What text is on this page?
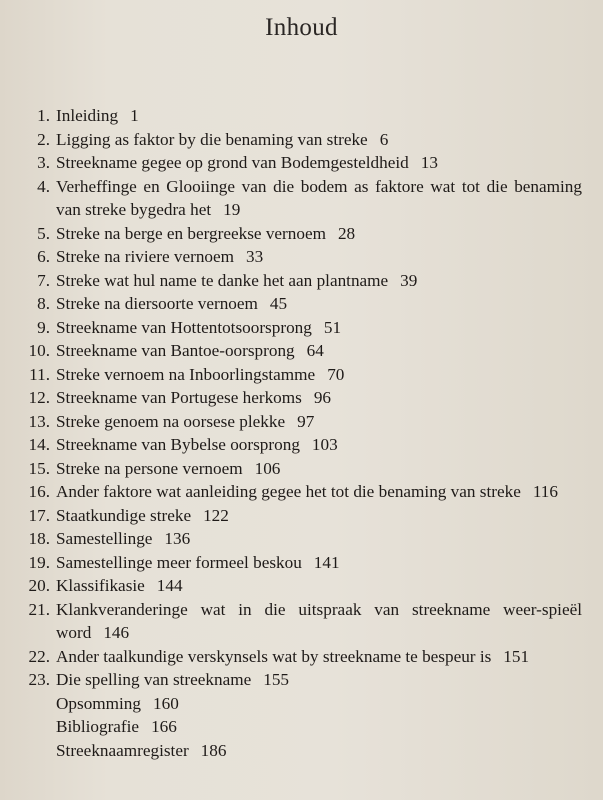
Inhoud
1. Inleiding 1
2. Ligging as faktor by die benaming van streke 6
3. Streekname gegee op grond van Bodemgesteldheid 13
4. Verheffinge en Glooiinge van die bodem as faktore wat tot die benaming van streke bygedra het 19
5. Streke na berge en bergreekse vernoem 28
6. Streke na riviere vernoem 33
7. Streke wat hul name te danke het aan plantname 39
8. Streke na diersoorte vernoem 45
9. Streekname van Hottentotsoorsprong 51
10. Streekname van Bantoe-oorsprong 64
11. Streke vernoem na Inboorlingstamme 70
12. Streekname van Portugese herkoms 96
13. Streke genoem na oorsese plekke 97
14. Streekname van Bybelse oorsprong 103
15. Streke na persone vernoem 106
16. Ander faktore wat aanleiding gegee het tot die benaming van streke 116
17. Staatkundige streke 122
18. Samestellinge 136
19. Samestellinge meer formeel beskou 141
20. Klassifikasie 144
21. Klankveranderinge wat in die uitspraak van streekname weer-spieël word 146
22. Ander taalkundige verskynsels wat by streekname te bespeur is 151
23. Die spelling van streekname 155
Opsomming 160
Bibliografie 166
Streeknaamregister 186
